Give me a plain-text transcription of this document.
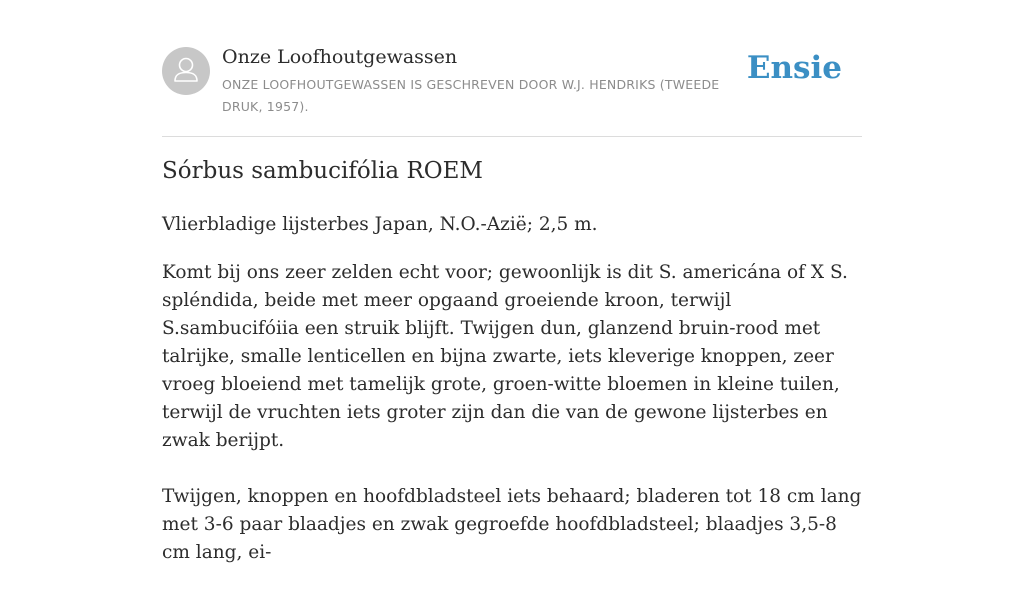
Onze Loofhoutgewassen
ONZE LOOFHOUTGEWASSEN IS GESCHREVEN DOOR W.J. HENDRIKS (TWEEDE DRUK, 1957).
Ensie
Sórbus sambucifólia ROEM

Vlierbladige lijsterbes Japan, N.O.-Azië; 2,5 m.

Komt bij ons zeer zelden echt voor; gewoonlijk is dit S. americána of X S. spléndida, beide met meer opgaand groeiende kroon, terwijl S.sambucifóiia een struik blijft. Twijgen dun, glanzend bruin-rood met talrijke, smalle lenticellen en bijna zwarte, iets kleverige knoppen, zeer vroeg bloeiend met tamelijk grote, groen-witte bloemen in kleine tuilen, terwijl de vruchten iets groter zijn dan die van de gewone lijsterbes en zwak berijpt.

Twijgen, knoppen en hoofdbladsteel iets behaard; bladeren tot 18 cm lang met 3-6 paar blaadjes en zwak gegroefde hoofdbladsteel; blaadjes 3,5-8 cm lang, ei-
